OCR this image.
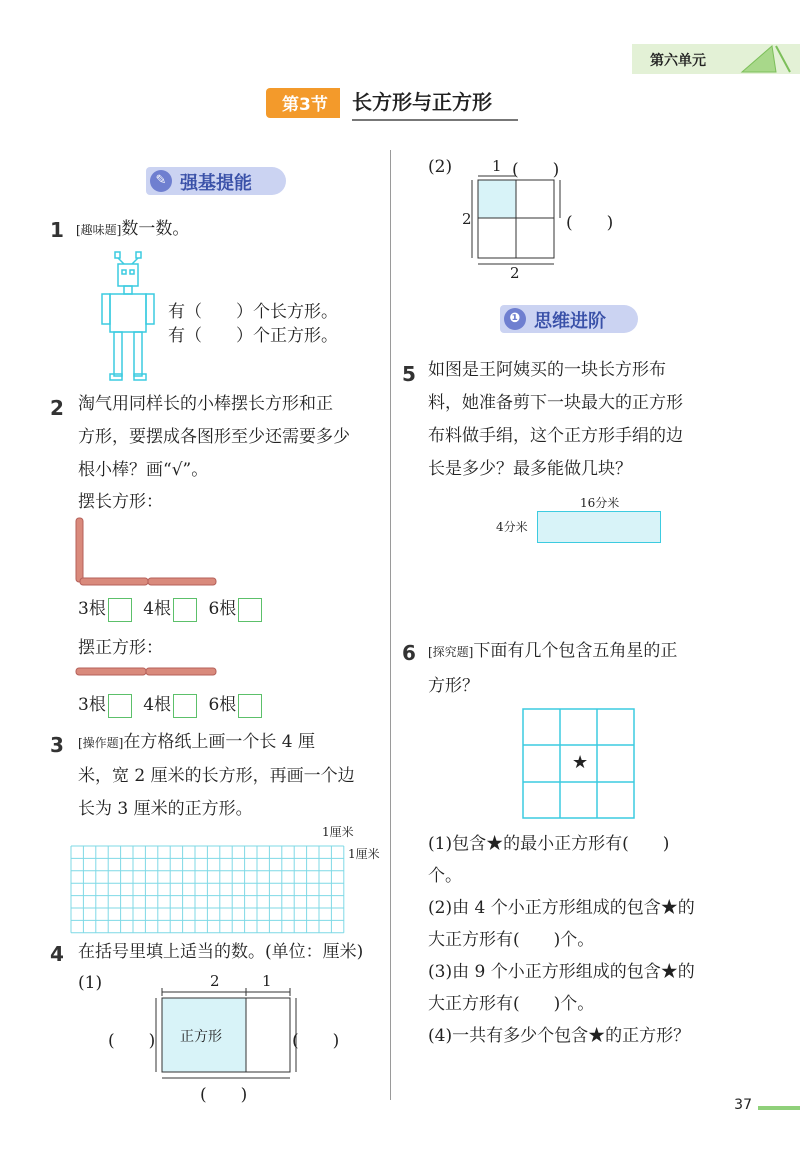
第六单元
第3节	长方形与正方形
✎ 强基提能
1 [趣味题]数一数。
有（　　）个长方形。
有（　　）个正方形。
2 淘气用同样长的小棒摆长方形和正
方形，要摆成各图形至少还需要多少
根小棒？画“√”。
摆长方形：
3根 4根 6根
摆正方形：
3根 4根 6根
3 [操作题]在方格纸上画一个长 4 厘
米，宽 2 厘米的长方形，再画一个边
长为 3 厘米的正方形。
1厘米
1厘米
4 在括号里填上适当的数。(单位：厘米)
(1)	2	1
正方形
(　　)	(　　)
(　　)
(2)	1 (　　)
2	(　　)
2
❶ 思维进阶
5 如图是王阿姨买的一块长方形布
料，她准备剪下一块最大的正方形
布料做手绢，这个正方形手绢的边
长是多少？最多能做几块？
16分米
4分米
6 [探究题]下面有几个包含五角星的正
方形？
★
(1)包含★的最小正方形有(　　)
个。
(2)由 4 个小正方形组成的包含★的
大正方形有(　　)个。
(3)由 9 个小正方形组成的包含★的
大正方形有(　　)个。
(4)一共有多少个包含★的正方形？
37
